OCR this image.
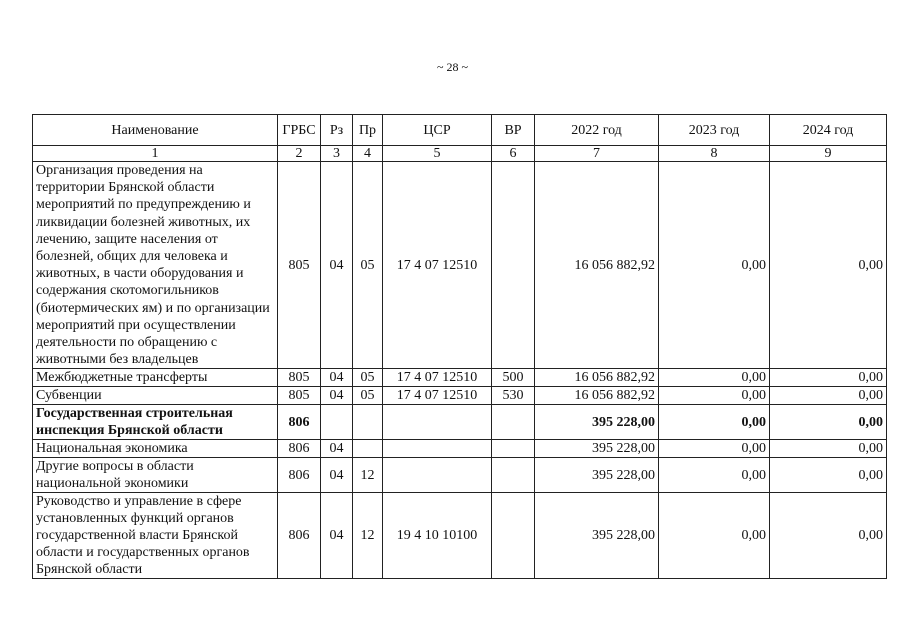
~ 28 ~
Наименование	ГРБС	Рз	Пр	ЦСР	ВР	2022 год	2023 год	2024 год
1	2	3	4	5	6	7	8	9
Организация проведения на территории Брянской области мероприятий по предупреждению и ликвидации болезней животных, их лечению, защите населения от болезней, общих для человека и животных, в части оборудования и содержания скотомогильников (биотермических ям) и по организации мероприятий при осуществлении деятельности по обращению с животными без владельцев	805	04	05	17 4 07 12510		16 056 882,92	0,00	0,00
Межбюджетные трансферты	805	04	05	17 4 07 12510	500	16 056 882,92	0,00	0,00
Субвенции	805	04	05	17 4 07 12510	530	16 056 882,92	0,00	0,00
Государственная строительная инспекция Брянской области	806					395 228,00	0,00	0,00
Национальная экономика	806	04				395 228,00	0,00	0,00
Другие вопросы в области национальной экономики	806	04	12			395 228,00	0,00	0,00
Руководство и управление в сфере установленных функций органов государственной власти Брянской области и государственных органов Брянской области	806	04	12	19 4 10 10100		395 228,00	0,00	0,00
